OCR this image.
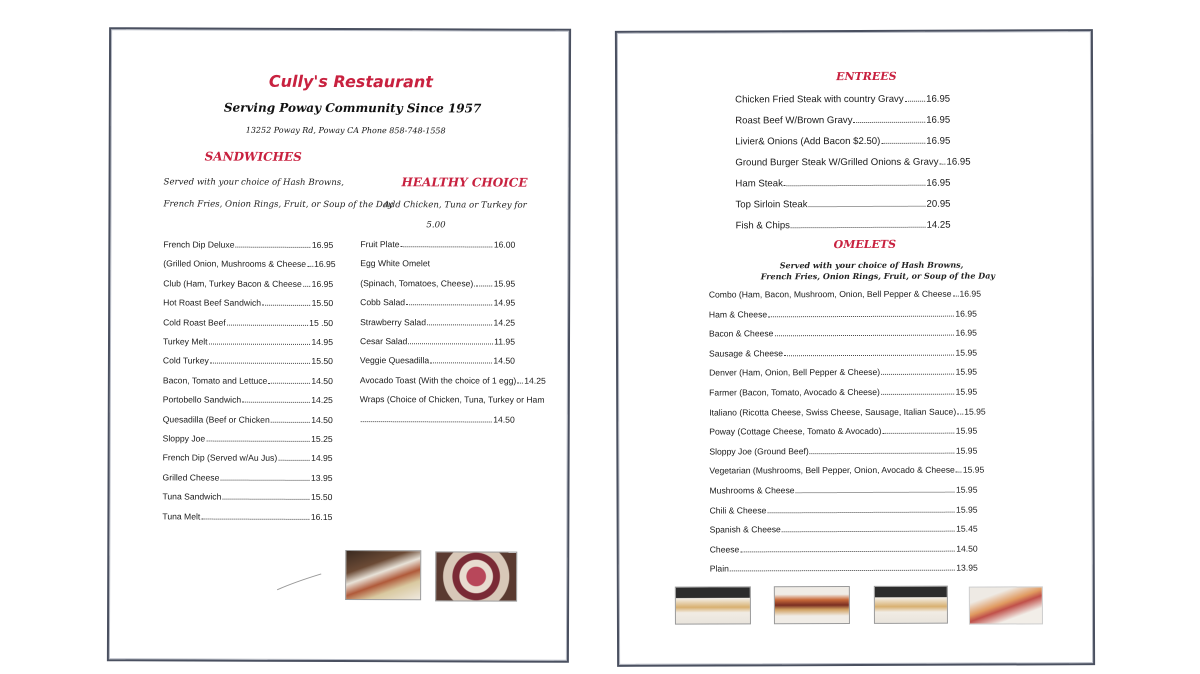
Cully's Restaurant
Serving Poway Community Since 1957
13252 Poway Rd, Poway CA Phone 858-748-1558
SANDWICHES
Served with your choice of Hash Browns,
French Fries, Onion Rings, Fruit, or Soup of the Day
HEALTHY CHOICE
Add Chicken, Tuna or Turkey for
5.00
French Dip Deluxe	16.95
(Grilled Onion, Mushrooms & Cheese 16.95
Club (Ham, Turkey Bacon & Cheese 16.95
Hot Roast Beef Sandwich	15.50
Cold Roast Beef	15 .50
Turkey Melt	14.95
Cold Turkey	15.50
Bacon, Tomato and Lettuce	14.50
Portobello Sandwich	14.25
Quesadilla (Beef or Chicken	14.50
Sloppy Joe	15.25
French Dip (Served w/Au Jus)	14.95
Grilled Cheese	13.95
Tuna Sandwich	15.50
Tuna Melt	16.15
Fruit Plate	16.00
Egg White Omelet
(Spinach, Tomatoes, Cheese). 15.95
Cobb Salad	14.95
Strawberry Salad	14.25
Cesar Salad	11.95
Veggie Quesadilla	14.50
Avocado Toast (With the choice of 1 egg) 14.25
Wraps (Choice of Chicken, Tuna, Turkey or Ham
14.50
ENTREES
Chicken Fried Steak with country Gravy 16.95
Roast Beef W/Brown Gravy	16.95
Livier& Onions (Add Bacon $2.50)	16.95
Ground Burger Steak W/Grilled Onions & Gravy 16.95
Ham Steak	16.95
Top Sirloin Steak	20.95
Fish & Chips	14.25
OMELETS
Served with your choice of Hash Browns,
French Fries, Onion Rings, Fruit, or Soup of the Day
Combo (Ham, Bacon, Mushroom, Onion, Bell Pepper & Cheese 16.95
Ham & Cheese	16.95
Bacon & Cheese	16.95
Sausage & Cheese	15.95
Denver (Ham, Onion, Bell Pepper & Cheese)	15.95
Farmer (Bacon, Tomato, Avocado & Cheese)	15.95
Italiano (Ricotta Cheese, Swiss Cheese, Sausage, Italian Sauce) 15.95
Poway (Cottage Cheese, Tomato & Avocado)	15.95
Sloppy Joe (Ground Beef)	15.95
Vegetarian (Mushrooms, Bell Pepper, Onion, Avocado & Cheese 15.95
Mushrooms & Cheese	15.95
Chili & Cheese	15.95
Spanish & Cheese	15.45
Cheese	14.50
Plain	13.95
